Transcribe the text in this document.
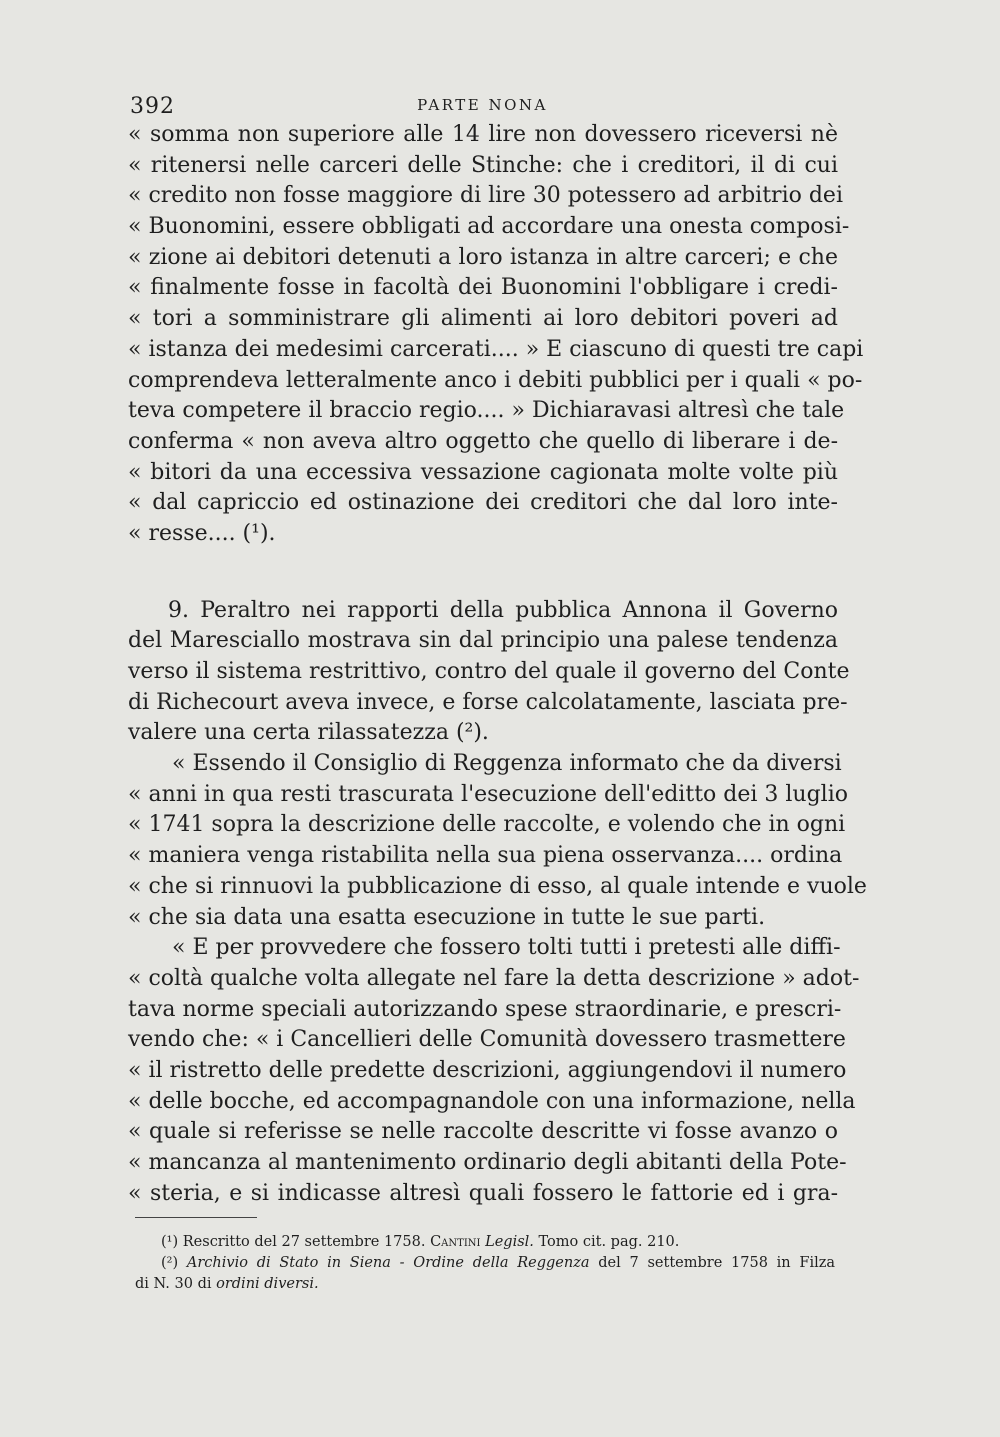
392	PARTE NONA
« somma non superiore alle 14 lire non dovessero riceversi nè
« ritenersi nelle carceri delle Stinche: che i creditori, il di cui
« credito non fosse maggiore di lire 30 potessero ad arbitrio dei
« Buonomini, essere obbligati ad accordare una onesta composi-
« zione ai debitori detenuti a loro istanza in altre carceri; e che
« finalmente fosse in facoltà dei Buonomini l'obbligare i credi-
« tori a somministrare gli alimenti ai loro debitori poveri ad
« istanza dei medesimi carcerati.... » E ciascuno di questi tre capi
comprendeva letteralmente anco i debiti pubblici per i quali « po-
teva competere il braccio regio.... » Dichiaravasi altresì che tale
conferma « non aveva altro oggetto che quello di liberare i de-
« bitori da una eccessiva vessazione cagionata molte volte più
« dal capriccio ed ostinazione dei creditori che dal loro inte-
« resse.... (¹).
9. Peraltro nei rapporti della pubblica Annona il Governo
del Maresciallo mostrava sin dal principio una palese tendenza
verso il sistema restrittivo, contro del quale il governo del Conte
di Richecourt aveva invece, e forse calcolatamente, lasciata pre-
valere una certa rilassatezza (²).
« Essendo il Consiglio di Reggenza informato che da diversi
« anni in qua resti trascurata l'esecuzione dell'editto dei 3 luglio
« 1741 sopra la descrizione delle raccolte, e volendo che in ogni
« maniera venga ristabilita nella sua piena osservanza.... ordina
« che si rinnuovi la pubblicazione di esso, al quale intende e vuole
« che sia data una esatta esecuzione in tutte le sue parti.
« E per provvedere che fossero tolti tutti i pretesti alle diffi-
« coltà qualche volta allegate nel fare la detta descrizione » adot-
tava norme speciali autorizzando spese straordinarie, e prescri-
vendo che: « i Cancellieri delle Comunità dovessero trasmettere
« il ristretto delle predette descrizioni, aggiungendovi il numero
« delle bocche, ed accompagnandole con una informazione, nella
« quale si referisse se nelle raccolte descritte vi fosse avanzo o
« mancanza al mantenimento ordinario degli abitanti della Pote-
« steria, e si indicasse altresì quali fossero le fattorie ed i gra-
(¹) Rescritto del 27 settembre 1758. Cantini Legisl. Tomo cit. pag. 210.
(²) Archivio di Stato in Siena - Ordine della Reggenza del 7 settembre 1758 in Filza
di N. 30 di ordini diversi.
